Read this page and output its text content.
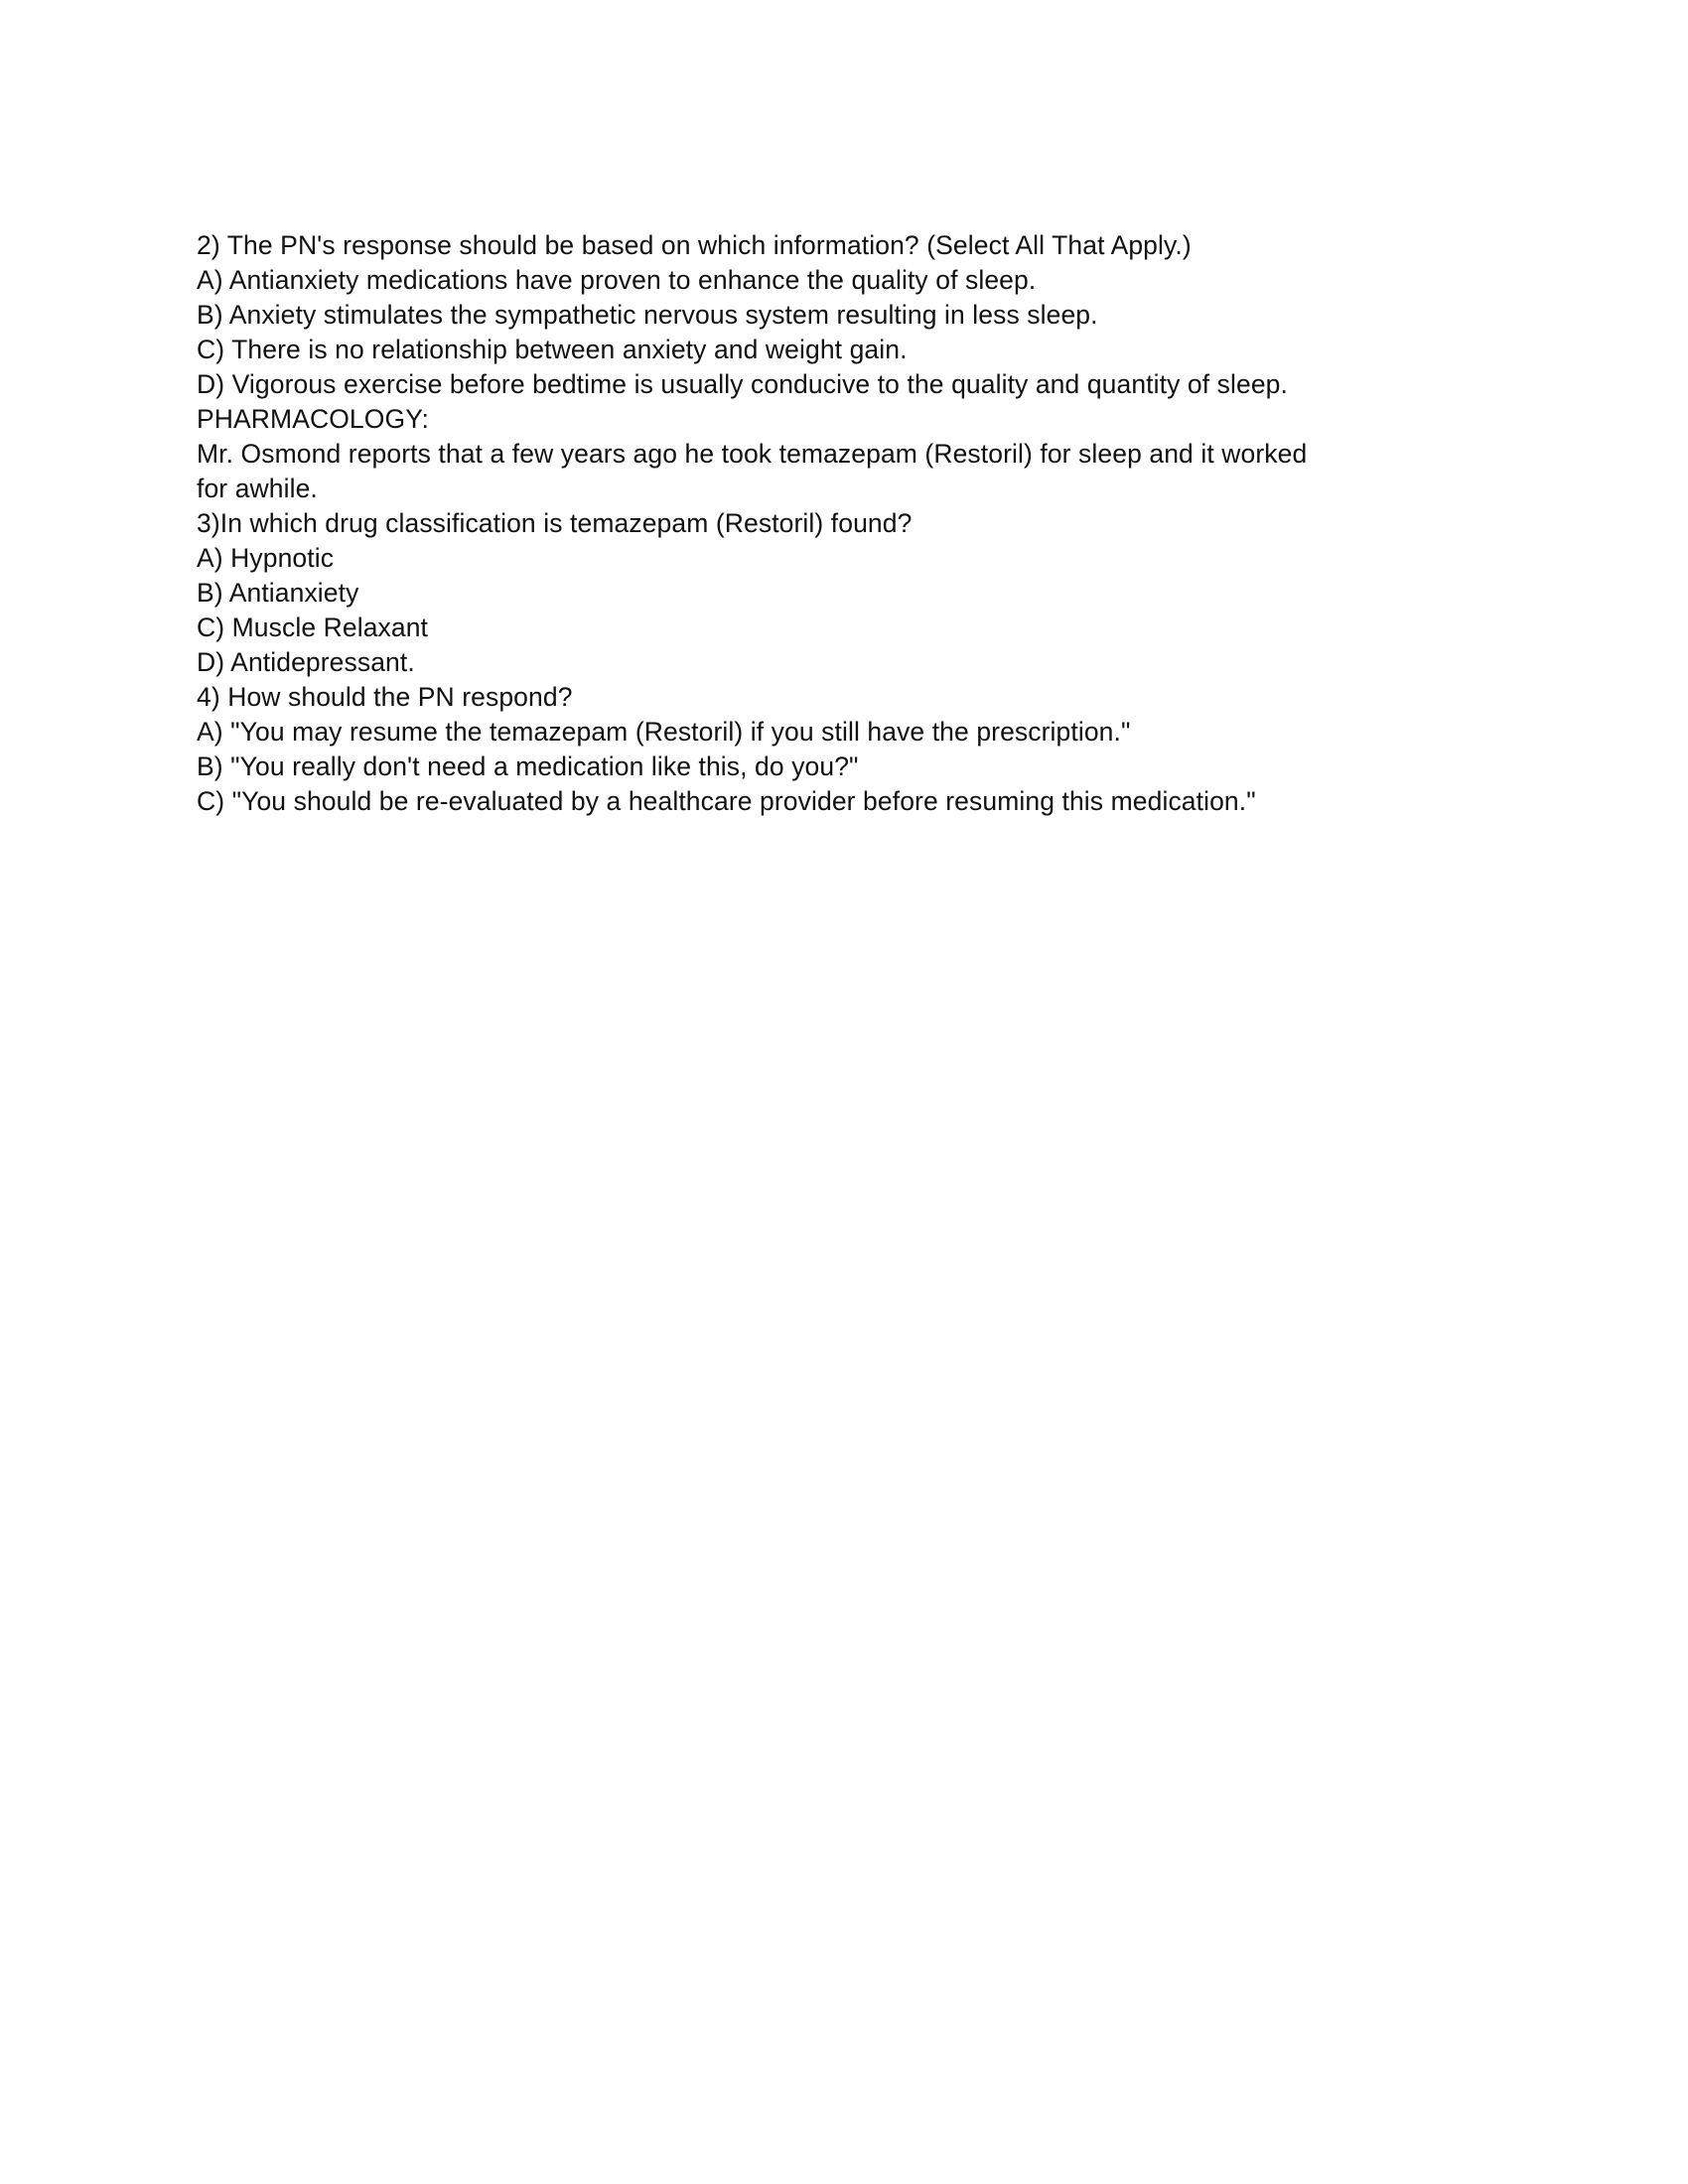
2) The PN's response should be based on which information? (Select All That Apply.)

A) Antianxiety medications have proven to enhance the quality of sleep.

B) Anxiety stimulates the sympathetic nervous system resulting in less sleep.

C) There is no relationship between anxiety and weight gain.

D) Vigorous exercise before bedtime is usually conducive to the quality and quantity of sleep.

PHARMACOLOGY:

Mr. Osmond reports that a few years ago he took temazepam (Restoril) for sleep and it worked

for awhile.

3)In which drug classification is temazepam (Restoril) found?

A) Hypnotic

B) Antianxiety

C) Muscle Relaxant

D) Antidepressant.

4) How should the PN respond?

A) "You may resume the temazepam (Restoril) if you still have the prescription."

B) "You really don't need a medication like this, do you?"

C) "You should be re-evaluated by a healthcare provider before resuming this medication."
